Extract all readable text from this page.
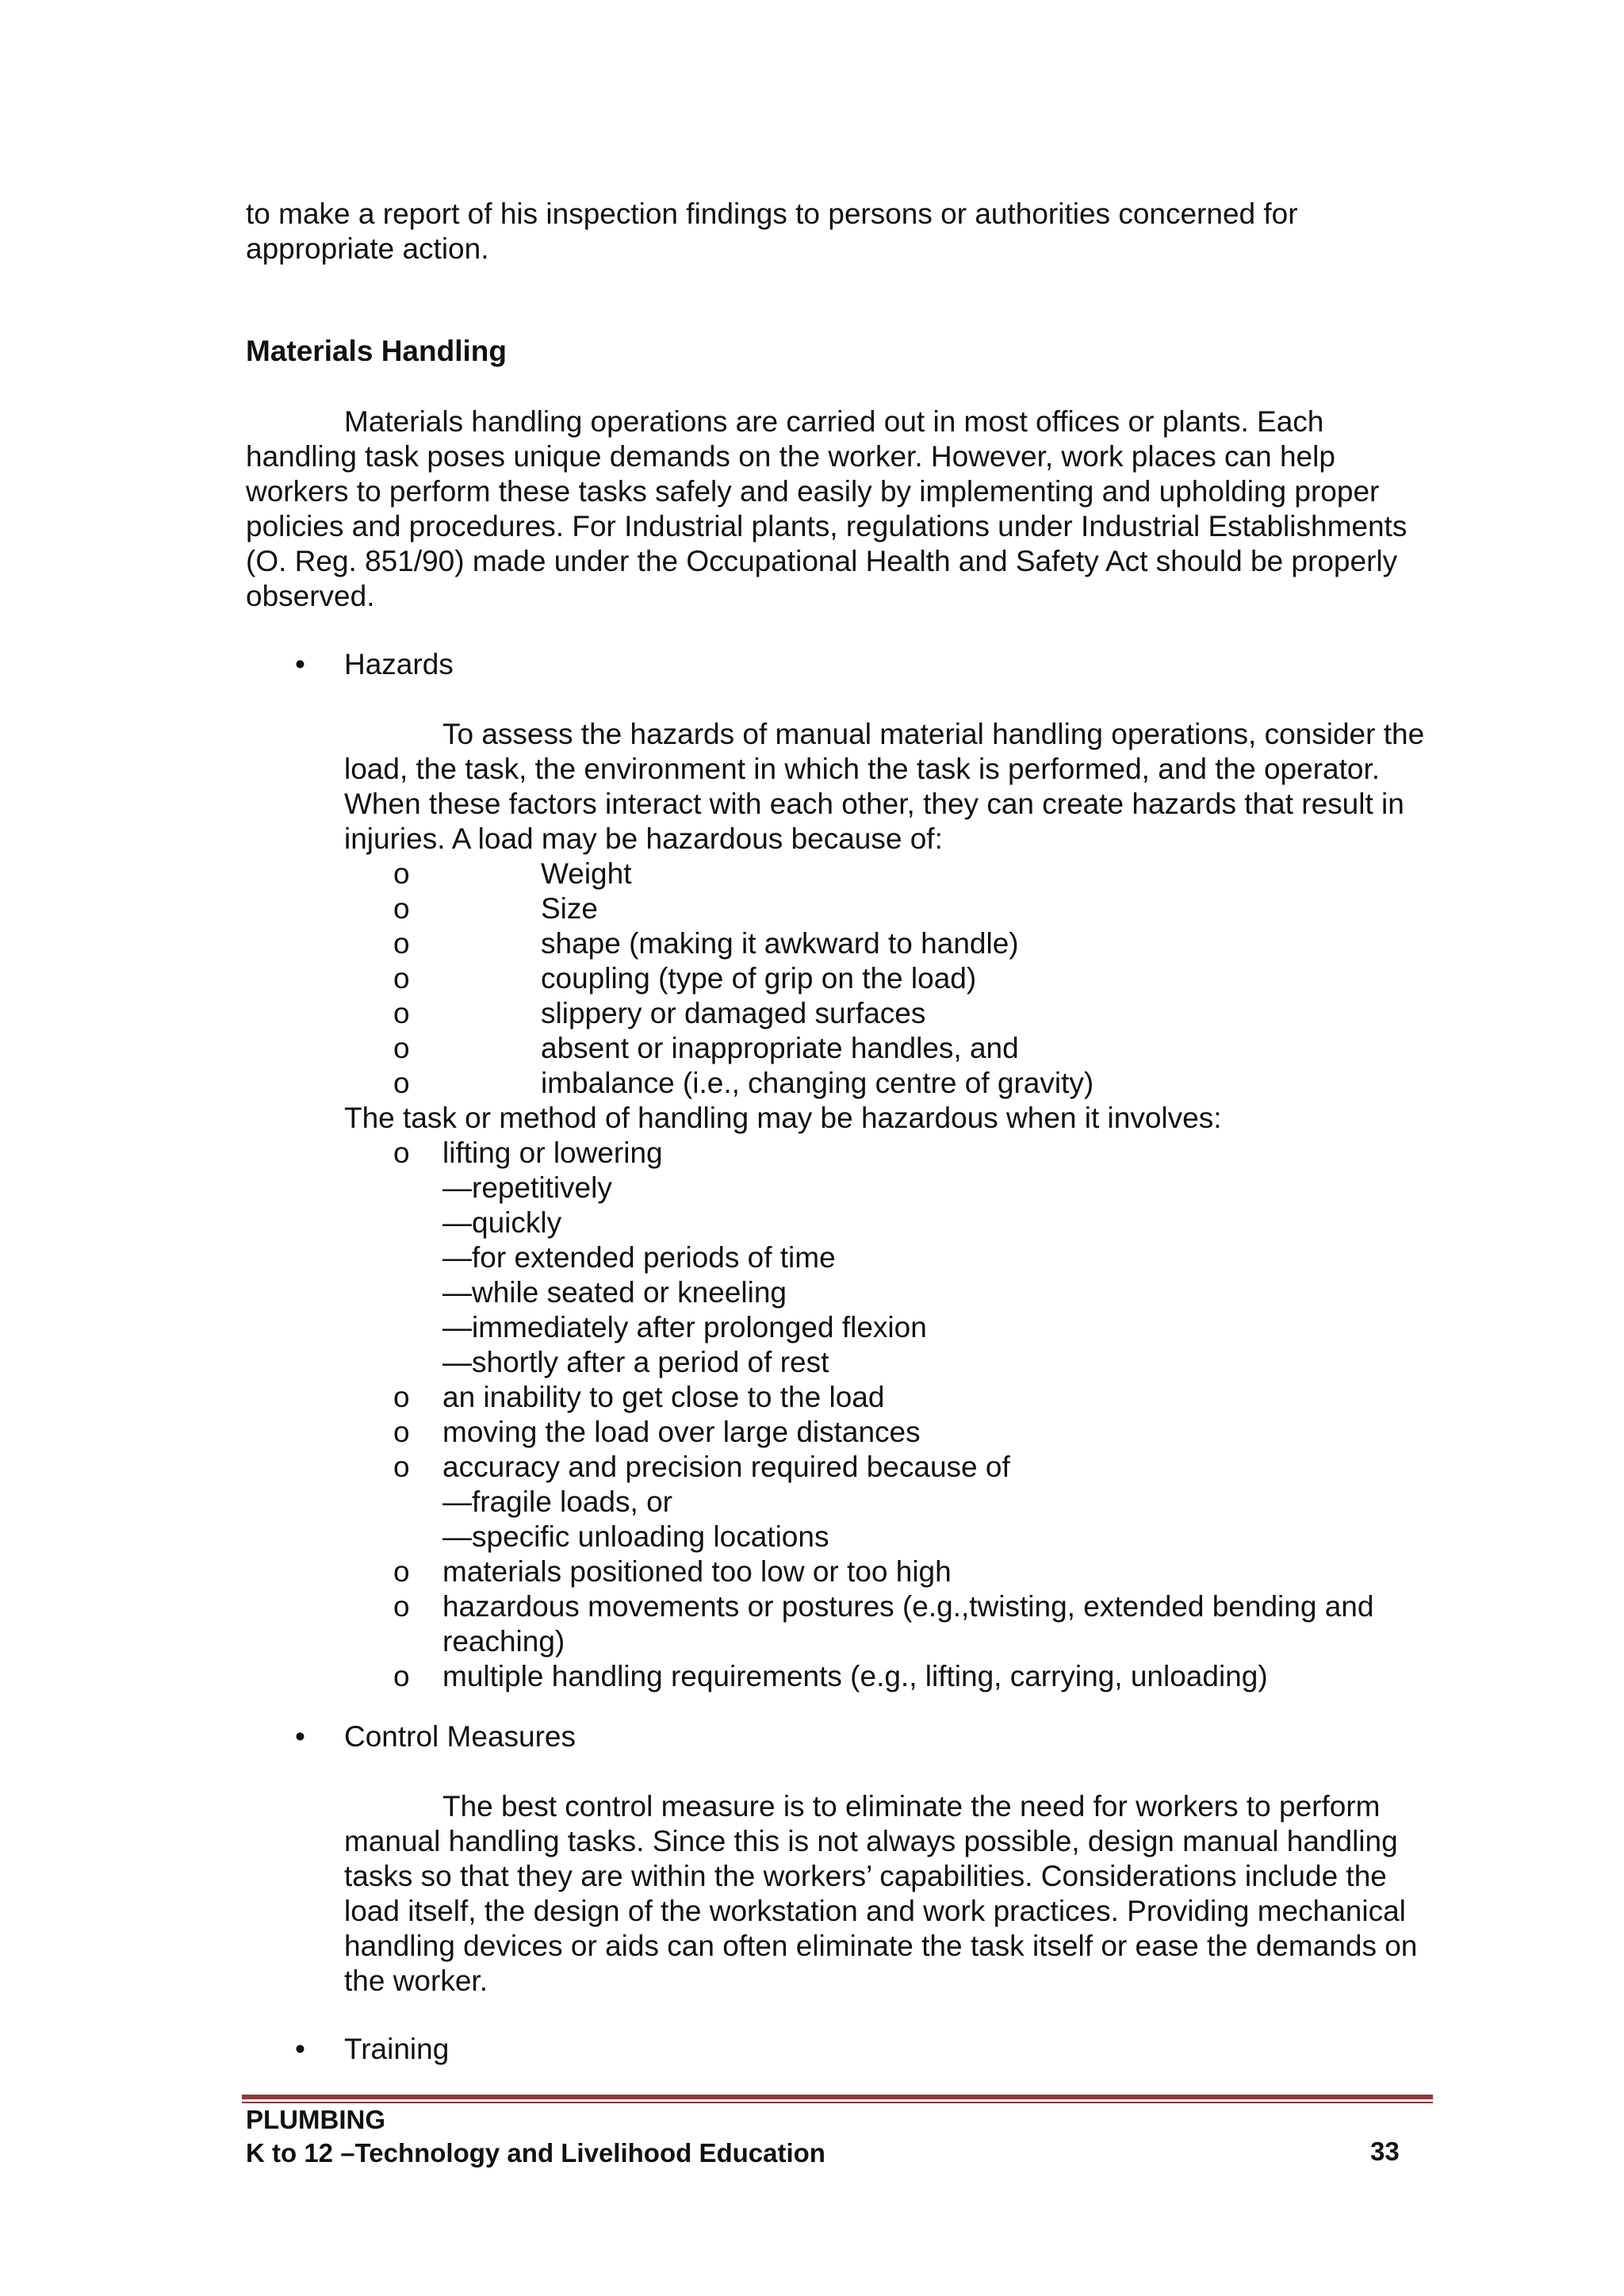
to make a report of his inspection findings to persons or authorities concerned for appropriate action.
Materials Handling
Materials handling operations are carried out in most offices or plants. Each handling task poses unique demands on the worker. However, work places can help workers to perform these tasks safely and easily by implementing and upholding proper policies and procedures. For Industrial plants, regulations under Industrial Establishments (O. Reg. 851/90) made under the Occupational Health and Safety Act should be properly observed.
• Hazards
To assess the hazards of manual material handling operations, consider the load, the task, the environment in which the task is performed, and the operator. When these factors interact with each other, they can create hazards that result in injuries. A load may be hazardous because of:
o	Weight
o	Size
o	shape (making it awkward to handle)
o	coupling (type of grip on the load)
o	slippery or damaged surfaces
o	absent or inappropriate handles, and
o	imbalance (i.e., changing centre of gravity)
The task or method of handling may be hazardous when it involves:
o lifting or lowering
—repetitively
—quickly
—for extended periods of time
—while seated or kneeling
—immediately after prolonged flexion
—shortly after a period of rest
o an inability to get close to the load
o moving the load over large distances
o accuracy and precision required because of
—fragile loads, or
—specific unloading locations
o materials positioned too low or too high
o hazardous movements or postures (e.g.,twisting, extended bending and
reaching)
o multiple handling requirements (e.g., lifting, carrying, unloading)
• Control Measures
The best control measure is to eliminate the need for workers to perform manual handling tasks. Since this is not always possible, design manual handling tasks so that they are within the workers’ capabilities. Considerations include the load itself, the design of the workstation and work practices. Providing mechanical handling devices or aids can often eliminate the task itself or ease the demands on the worker.
• Training
PLUMBING
K to 12 –Technology and Livelihood Education	33
